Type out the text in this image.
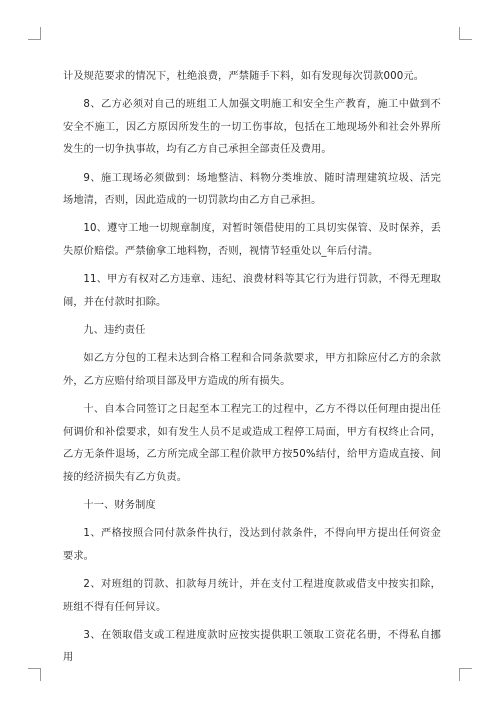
计及规范要求的情况下，杜绝浪费，严禁随手下料，如有发现每次罚款000元。

8、乙方必须对自己的班组工人加强文明施工和安全生产教育，施工中做到不安全不施工，因乙方原因所发生的一切工伤事故，包括在工地现场外和社会外界所发生的一切争执事故，均有乙方自己承担全部责任及费用。

9、施工现场必须做到：场地整洁、料物分类堆放、随时清理建筑垃圾、活完场地清，否则，因此造成的一切罚款均由乙方自己承担。

10、遵守工地一切规章制度，对暂时领借使用的工具切实保管、及时保养，丢失原价赔偿。严禁偷拿工地料物，否则，视情节轻重处以_年后付清。

11、甲方有权对乙方违章、违纪、浪费材料等其它行为进行罚款，不得无理取闹，并在付款时扣除。

九、违约责任

如乙方分包的工程未达到合格工程和合同条款要求，甲方扣除应付乙方的余款外，乙方应赔付给项目部及甲方造成的所有损失。

十、自本合同签订之日起至本工程完工的过程中，乙方不得以任何理由提出任何调价和补偿要求，如有发生人员不足或造成工程停工局面，甲方有权终止合同，乙方无条件退场，乙方所完成全部工程价款甲方按50%结付，给甲方造成直接、间接的经济损失有乙方负责。

十一、财务制度

1、严格按照合同付款条件执行，没达到付款条件，不得向甲方提出任何资金要求。

2、对班组的罚款、扣款每月统计，并在支付工程进度款或借支中按实扣除，班组不得有任何异议。

3、在领取借支或工程进度款时应按实提供职工领取工资花名册，不得私自挪用
